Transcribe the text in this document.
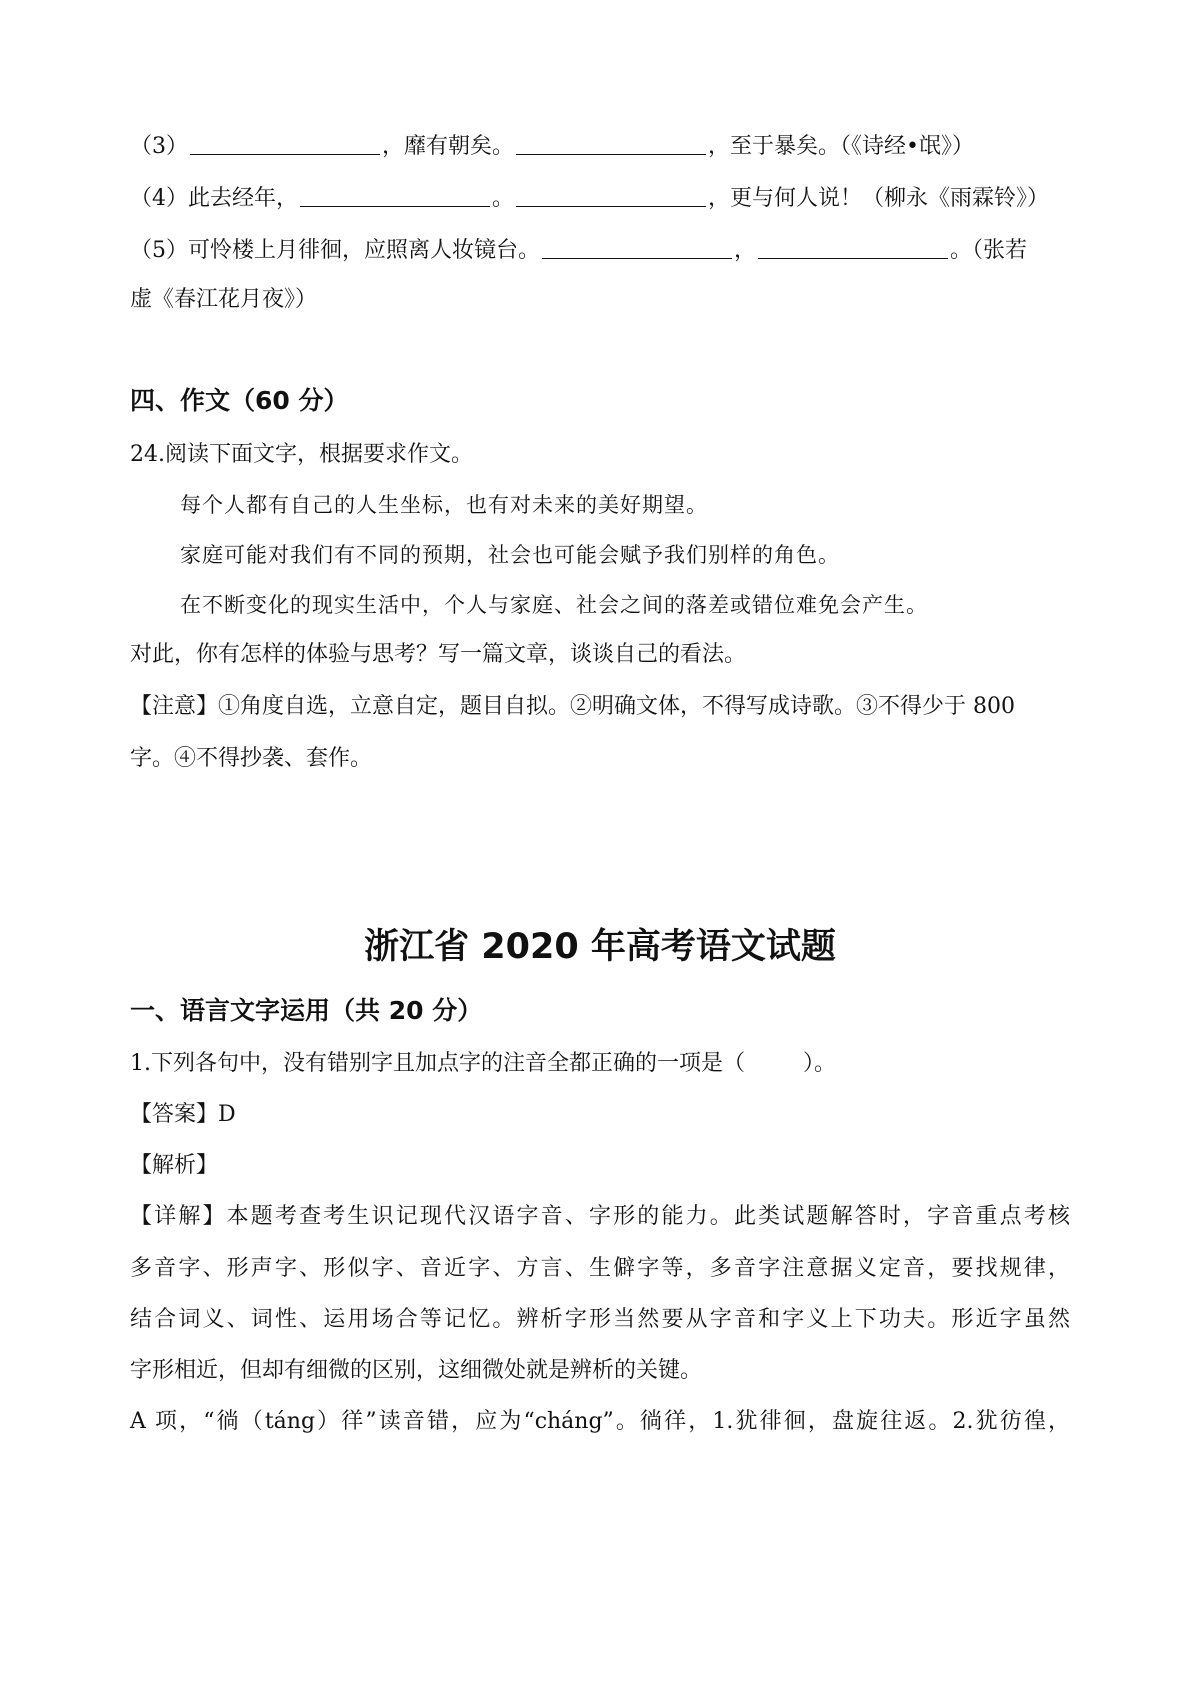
（3）	，靡有朝矣。	，至于暴矣。（《诗经•氓》）
（4）此去经年，	。	，更与何人说！（柳永《雨霖铃》）
（5）可怜楼上月徘徊，应照离人妆镜台。	，	。（张若
虚《春江花月夜》）
四、作文（60 分）
24.阅读下面文字，根据要求作文。
每个人都有自己的人生坐标，也有对未来的美好期望。
家庭可能对我们有不同的预期，社会也可能会赋予我们别样的角色。
在不断变化的现实生活中，个人与家庭、社会之间的落差或错位难免会产生。
对此，你有怎样的体验与思考？写一篇文章，谈谈自己的看法。
【注意】①角度自选，立意自定，题目自拟。②明确文体，不得写成诗歌。③不得少于 800
字。④不得抄袭、套作。
浙江省 2020 年高考语文试题
一、语言文字运用（共 20 分）
1.下列各句中，没有错别字且加点字的注音全都正确的一项是（	）。
【答案】D
【解析】
【详解】本题考查考生识记现代汉语字音、字形的能力。此类试题解答时，字音重点考核
多音字、形声字、形似字、音近字、方言、生僻字等，多音字注意据义定音，要找规律，
结合词义、词性、运用场合等记忆。辨析字形当然要从字音和字义上下功夫。形近字虽然
字形相近，但却有细微的区别，这细微处就是辨析的关键。
A 项，“徜（táng）徉”读音错，应为“cháng”。徜徉，1.犹徘徊，盘旋往返。2.犹彷徨，
